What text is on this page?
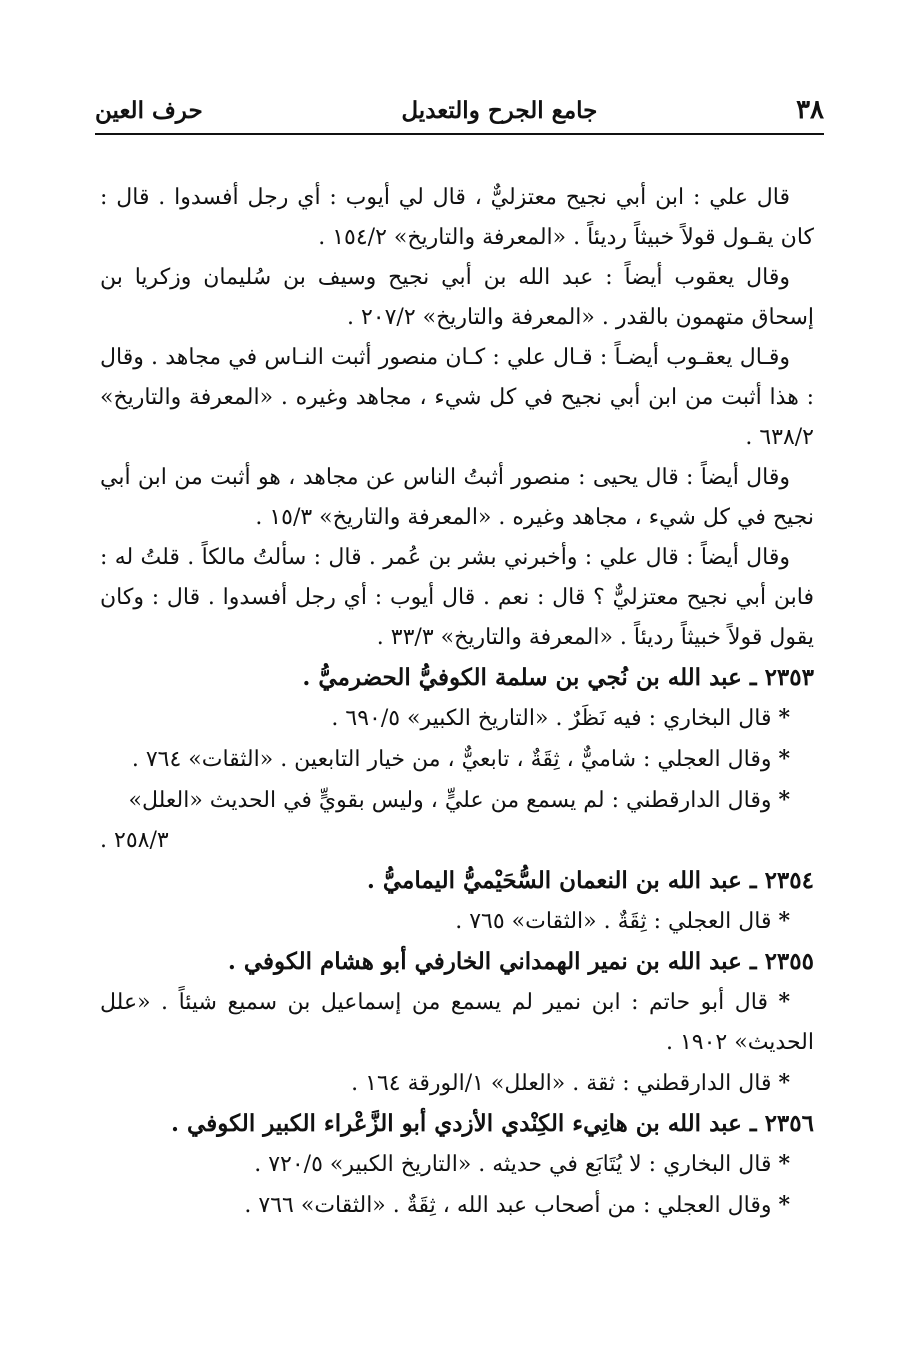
٣٨
جامع الجرح والتعديل
حرف العين

قال علي : ابن أبي نجيح معتزليٌّ ، قال لي أيوب : أي رجل أفسدوا . قال : كان يقـول قولاً خبيثاً رديئاً . «المعرفة والتاريخ» ١٥٤/٢ .

وقال يعقوب أيضاً : عبد الله بن أبي نجيح وسيف بن سُليمان وزكريا بن إسحاق متهمون بالقدر . «المعرفة والتاريخ» ٢٠٧/٢ .

وقـال يعقـوب أيضـاً : قـال علي : كـان منصور أثبت النـاس في مجاهد . وقال : هذا أثبت من ابن أبي نجيح في كل شيء ، مجاهد وغيره . «المعرفة والتاريخ» ٦٣٨/٢ .

وقال أيضاً : قال يحيى : منصور أثبتُ الناس عن مجاهد ، هو أثبت من ابن أبي نجيح في كل شيء ، مجاهد وغيره . «المعرفة والتاريخ» ١٥/٣ .

وقال أيضاً : قال علي : وأخبرني بشر بن عُمر . قال : سألتُ مالكاً . قلتُ له : فابن أبي نجيح معتزليٌّ ؟ قال : نعم . قال أيوب : أي رجل أفسدوا . قال : وكان يقول قولاً خبيثاً رديئاً . «المعرفة والتاريخ» ٣٣/٣ .

٢٣٥٣ ـ عبد الله بن نُجي بن سلمة الكوفيُّ الحضرميُّ .

* قال البخاري : فيه نَظَرٌ . «التاريخ الكبير» ٦٩٠/٥ .

* وقال العجلي : شاميٌّ ، ثِقَةٌ ، تابعيٌّ ، من خيار التابعين . «الثقات» ٧٦٤ .

* وقال الدارقطني : لم يسمع من عليٍّ ، وليس بقويٍّ في الحديث «العلل»

٢٥٨/٣ .

٢٣٥٤ ـ عبد الله بن النعمان السُّحَيْميُّ اليماميُّ .

* قال العجلي : ثِقَةٌ . «الثقات» ٧٦٥ .

٢٣٥٥ ـ عبد الله بن نمير الهمداني الخارفي أبو هشام الكوفي .

* قال أبو حاتم : ابن نمير لم يسمع من إسماعيل بن سميع شيئاً . «علل الحديث» ١٩٠٢ .

* قال الدارقطني : ثقة . «العلل» ١/الورقة ١٦٤ .

٢٣٥٦ ـ عبد الله بن هانِيء الكِنْدي الأزدي أبو الزَّعْراء الكبير الكوفي .

* قال البخاري : لا يُتَابَع في حديثه . «التاريخ الكبير» ٧٢٠/٥ .

* وقال العجلي : من أصحاب عبد الله ، ثِقَةٌ . «الثقات» ٧٦٦ .
